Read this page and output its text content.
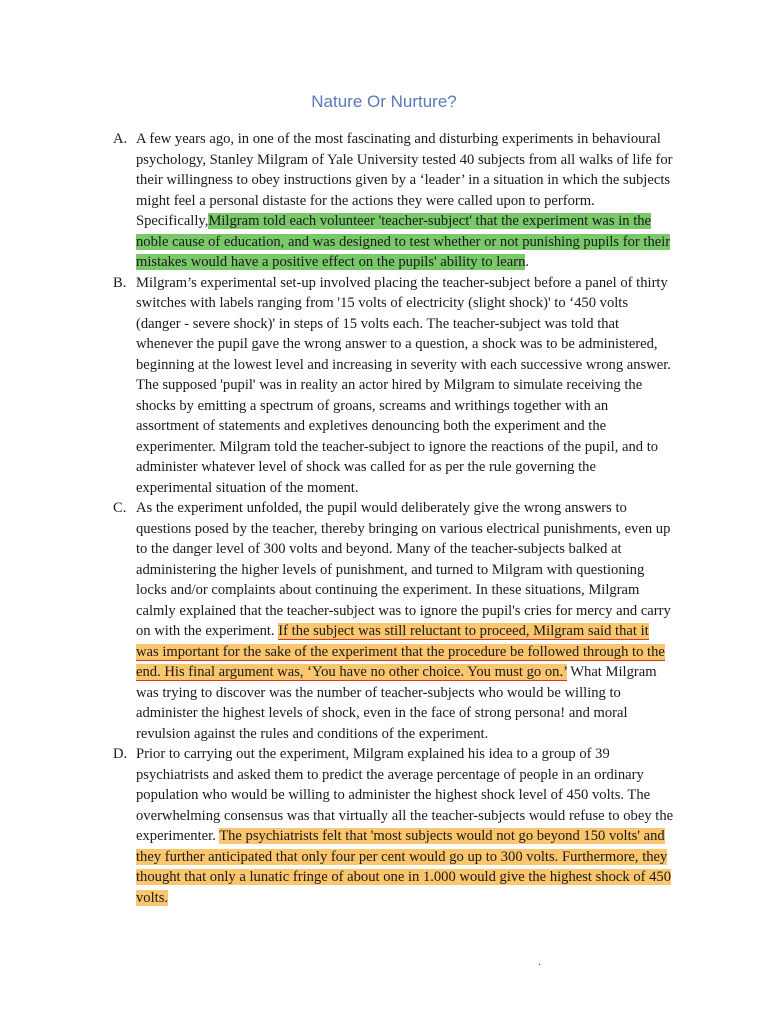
Nature Or Nurture?
A. A few years ago, in one of the most fascinating and disturbing experiments in behavioural psychology, Stanley Milgram of Yale University tested 40 subjects from all walks of life for their willingness to obey instructions given by a ‘leader’ in a situation in which the subjects might feel a personal distaste for the actions they were called upon to perform. Specifically,Milgram told each volunteer 'teacher-subject' that the experiment was in the noble cause of education, and was designed to test whether or not punishing pupils for their mistakes would have a positive effect on the pupils' ability to learn.
B. Milgram’s experimental set-up involved placing the teacher-subject before a panel of thirty switches with labels ranging from '15 volts of electricity (slight shock)' to ‘450 volts (danger - severe shock)' in steps of 15 volts each. The teacher-subject was told that whenever the pupil gave the wrong answer to a question, a shock was to be administered, beginning at the lowest level and increasing in severity with each successive wrong answer. The supposed 'pupil' was in reality an actor hired by Milgram to simulate receiving the shocks by emitting a spectrum of groans, screams and writhings together with an assortment of statements and expletives denouncing both the experiment and the experimenter. Milgram told the teacher-subject to ignore the reactions of the pupil, and to administer whatever level of shock was called for as per the rule governing the experimental situation of the moment.
C. As the experiment unfolded, the pupil would deliberately give the wrong answers to questions posed by the teacher, thereby bringing on various electrical punishments, even up to the danger level of 300 volts and beyond. Many of the teacher-subjects balked at administering the higher levels of punishment, and turned to Milgram with questioning locks and/or complaints about continuing the experiment. In these situations, Milgram calmly explained that the teacher-subject was to ignore the pupil's cries for mercy and carry on with the experiment. If the subject was still reluctant to proceed, Milgram said that it was important for the sake of the experiment that the procedure be followed through to the end. His final argument was, ‘You have no other choice. You must go on.’ What Milgram was trying to discover was the number of teacher-subjects who would be willing to administer the highest levels of shock, even in the face of strong persona! and moral revulsion against the rules and conditions of the experiment.
D. Prior to carrying out the experiment, Milgram explained his idea to a group of 39 psychiatrists and asked them to predict the average percentage of people in an ordinary population who would be willing to administer the highest shock level of 450 volts. The overwhelming consensus was that virtually all the teacher-subjects would refuse to obey the experimenter. The psychiatrists felt that 'most subjects would not go beyond 150 volts' and they further anticipated that only four per cent would go up to 300 volts. Furthermore, they thought that only a lunatic fringe of about one in 1.000 would give the highest shock of 450 volts.
.
